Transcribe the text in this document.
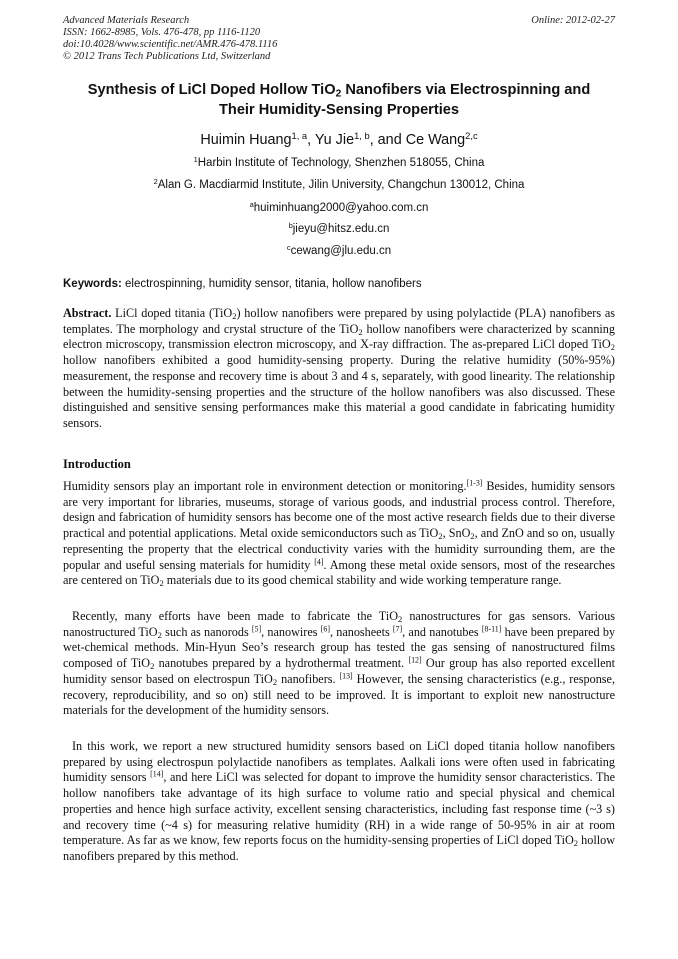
Advanced Materials Research
ISSN: 1662-8985, Vols. 476-478, pp 1116-1120
doi:10.4028/www.scientific.net/AMR.476-478.1116
© 2012 Trans Tech Publications Ltd, Switzerland
Online: 2012-02-27
Synthesis of LiCl Doped Hollow TiO$_2$ Nanofibers via Electrospinning and
Their Humidity-Sensing Properties
Huimin Huang$^{1, a}$, Yu Jie$^{1, b}$, and Ce Wang$^{2,c}$
$^1$Harbin Institute of Technology, Shenzhen 518055, China
$^2$Alan G. Macdiarmid Institute, Jilin University, Changchun 130012, China
$^a$huiminhuang2000@yahoo.com.cn
$^b$jieyu@hitsz.edu.cn
$^c$cewang@jlu.edu.cn
Keywords: electrospinning, humidity sensor, titania, hollow nanofibers
Abstract. LiCl doped titania (TiO$_2$) hollow nanofibers were prepared by using polylactide (PLA) nanofibers as templates. The morphology and crystal structure of the TiO$_2$ hollow nanofibers were characterized by scanning electron microscopy, transmission electron microscopy, and X-ray diffraction. The as-prepared LiCl doped TiO$_2$ hollow nanofibers exhibited a good humidity-sensing property. During the relative humidity (50%-95%) measurement, the response and recovery time is about 3 and 4 s, separately, with good linearity. The relationship between the humidity-sensing properties and the structure of the hollow nanofibers was also discussed. These distinguished and sensitive sensing performances make this material a good candidate in fabricating humidity sensors.
Introduction
Humidity sensors play an important role in environment detection or monitoring.[1-3] Besides, humidity sensors are very important for libraries, museums, storage of various goods, and industrial process control. Therefore, design and fabrication of humidity sensors has become one of the most active research fields due to their diverse practical and potential applications. Metal oxide semiconductors such as TiO$_2$, SnO$_2$, and ZnO and so on, usually representing the property that the electrical conductivity varies with the humidity surrounding them, are the popular and useful sensing materials for humidity [4]. Among these metal oxide sensors, most of the researches are centered on TiO$_2$ materials due to its good chemical stability and wide working temperature range.
Recently, many efforts have been made to fabricate the TiO$_2$ nanostructures for gas sensors. Various nanostructured TiO$_2$ such as nanorods [5], nanowires [6], nanosheets [7], and nanotubes [8-11] have been prepared by wet-chemical methods. Min-Hyun Seo’s research group has tested the gas sensing of nanostructured films composed of TiO$_2$ nanotubes prepared by a hydrothermal treatment. [12] Our group has also reported excellent humidity sensor based on electrospun TiO$_2$ nanofibers. [13] However, the sensing characteristics (e.g., response, recovery, reproducibility, and so on) still need to be improved. It is important to exploit new nanostructure materials for the development of the humidity sensors.
In this work, we report a new structured humidity sensors based on LiCl doped titania hollow nanofibers prepared by using electrospun polylactide nanofibers as templates. Aalkali ions were often used in fabricating humidity sensors [14], and here LiCl was selected for dopant to improve the humidity sensor characteristics. The hollow nanofibers take advantage of its high surface to volume ratio and special physical and chemical properties and hence high surface activity, excellent sensing characteristics, including fast response time (~3 s) and recovery time (~4 s) for measuring relative humidity (RH) in a wide range of 50-95% in air at room temperature. As far as we know, few reports focus on the humidity-sensing properties of LiCl doped TiO$_2$ hollow nanofibers prepared by this method.
